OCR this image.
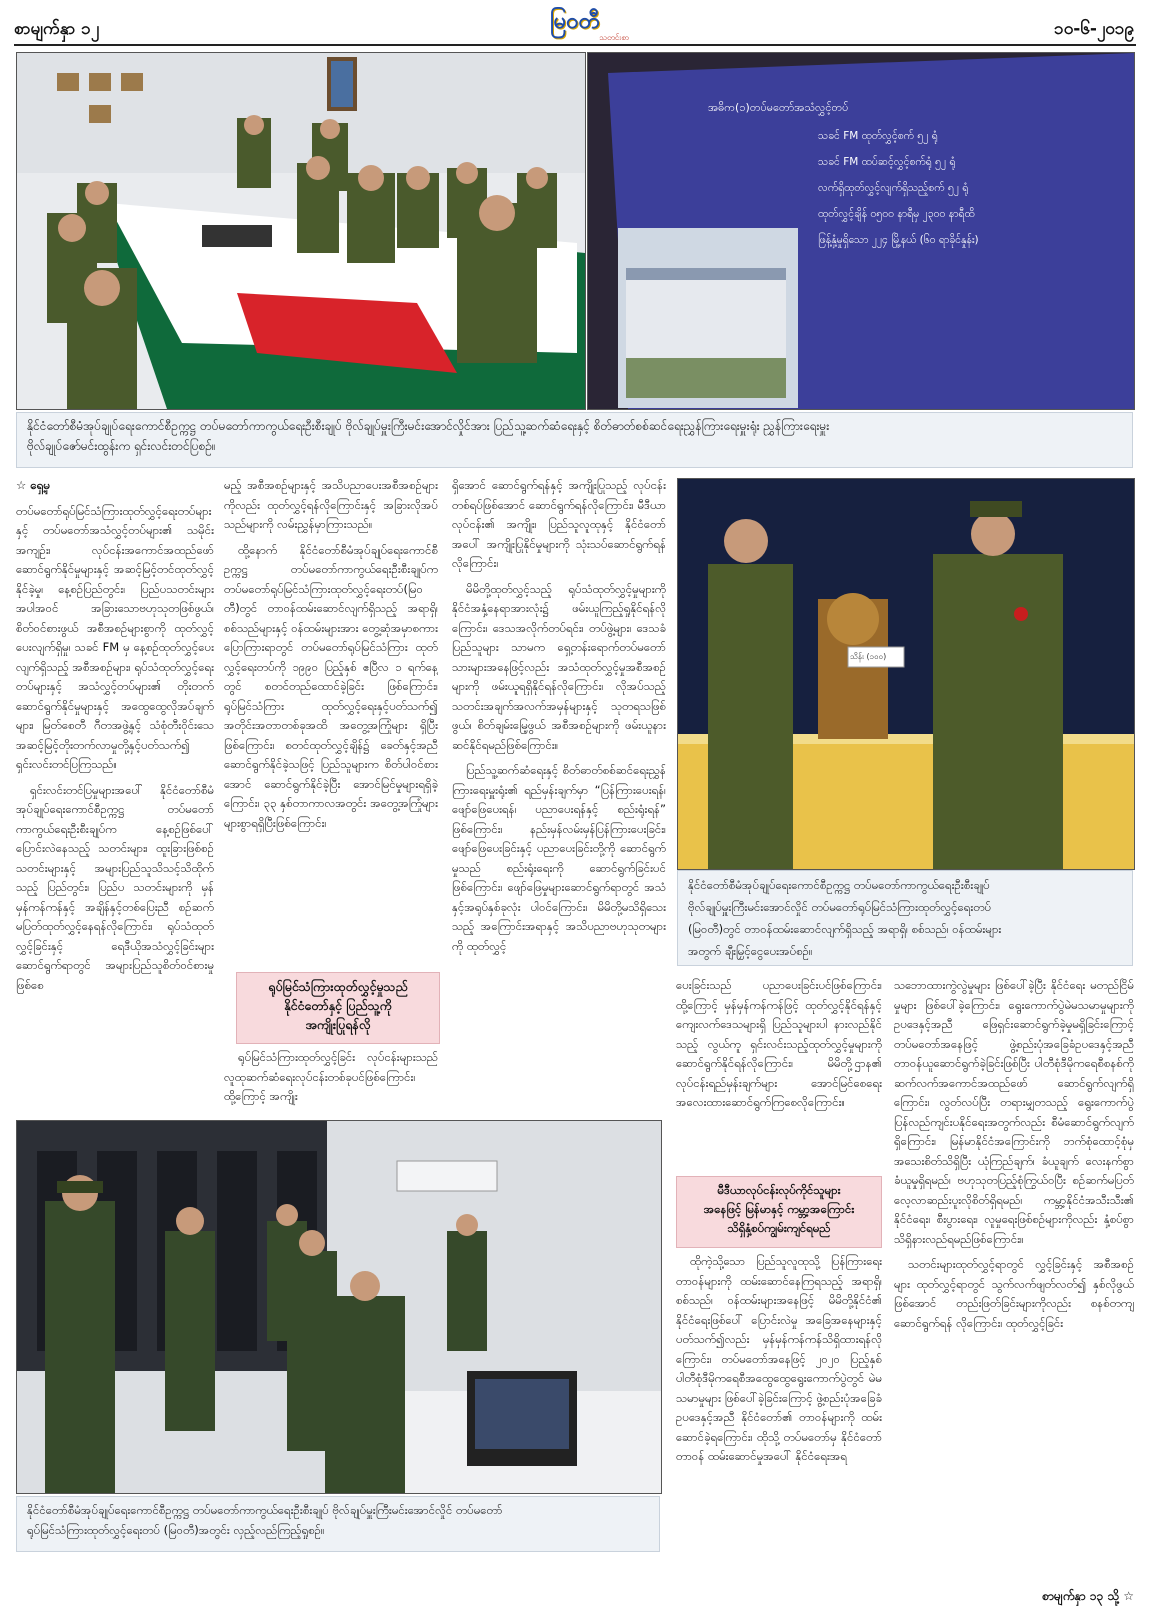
စာမျက်နှာ ၁၂	မြဝတီ
သတင်းစာ	၁၀-၆-၂၀၁၉
အဓိက(၁)တပ်မတော်အသံလွှင့်တပ်
သခင် FM ထုတ်လွှင့်စက် ၅၂ ရုံ
သခင် FM ထပ်ဆင့်လွှင့်စက်ရုံ ၅၂ ရုံ
လက်ရှိထုတ်လွှင့်လျက်ရှိသည့်စက် ၅၂ ရုံ
ထုတ်လွှင့်ချိန် ၀၅၀၀ နာရီမှ ၂၃၀၀ နာရီထိ
ဖြန့်နှံ့မှုရှိသော ၂၂၄ မြို့နယ် (၆၀ ရာခိုင်နှုန်း)
နိုင်ငံတော်စီမံအုပ်ချုပ်ရေးကောင်စီဥက္ကဋ္ဌ တပ်မတော်ကာကွယ်ရေးဦးစီးချုပ် ဗိုလ်ချုပ်မှူးကြီးမင်းအောင်လှိုင်အား ပြည်သူ့ဆက်ဆံရေးနှင့် စိတ်ဓာတ်စစ်ဆင်ရေးညွှန်ကြားရေးမှူးရုံး ညွှန်ကြားရေးမှူး
ဗိုလ်ချုပ်ဇော်မင်းထွန်းက ရှင်းလင်းတင်ပြစဉ်။
သိန်း (၁၀၀)
နိုင်ငံတော်စီမံအုပ်ချုပ်ရေးကောင်စီဥက္ကဋ္ဌ တပ်မတော်ကာကွယ်ရေးဦးစီးချုပ်
ဗိုလ်ချုပ်မှူးကြီးမင်းအောင်လှိုင် တပ်မတော်ရုပ်မြင်သံကြားထုတ်လွှင့်ရေးတပ်
(မြဝတီ)တွင် တာဝန်ထမ်းဆောင်လျက်ရှိသည့် အရာရှိ၊ စစ်သည်၊ ဝန်ထမ်းများ
အတွက် ချီးမြှင့်ငွေပေးအပ်စဉ်။

☆ ရှေ့မှ

တပ်မတော်ရုပ်မြင်သံကြားထုတ်လွှင့်ရေးတပ်များနှင့် တပ်မတော်အသံလွှင့်တပ်များ၏ သမိုင်းအကျဉ်း၊ လုပ်ငန်းအကောင်အထည်ဖော် ဆောင်ရွက်နိုင်မှုများနှင့် အဆင့်မြင့်တင်ထုတ်လွှင့်နိုင်ခဲ့မှု၊ နေ့စဉ်ပြည်တွင်း၊ ပြည်ပသတင်းများ အပါအဝင် အခြားသောဗဟုသုတဖြစ်ဖွယ်၊ စိတ်ဝင်စားဖွယ် အစီအစဉ်များစွာကို ထုတ်လွှင့်ပေးလျက်ရှိမှု၊ သခင် FM မှ နေ့စဉ်ထုတ်လွှင့်ပေးလျက်ရှိသည့် အစီအစဉ်များ၊ ရုပ်သံထုတ်လွှင့်ရေးတပ်များနှင့် အသံလွှင့်တပ်များ၏ တိုးတက်ဆောင်ရွက်နိုင်မှုများနှင့် အထွေထွေလိုအပ်ချက်များ၊ မြတ်စေတီ ဂီတအဖွဲ့နှင့် သံစုံတီးဝိုင်းသေ အဆင့်မြင့်တိုးတက်လာမှုတို့နှင့်ပတ်သက်၍ ရှင်းလင်းတင်ပြကြသည်။

ရှင်းလင်းတင်ပြမှုများအပေါ် နိုင်ငံတော်စီမံအုပ်ချုပ်ရေးကောင်စီဥက္ကဋ္ဌ တပ်မတော်ကာကွယ်ရေးဦးစီးချုပ်က နေ့စဉ်ဖြစ်ပေါ်ပြောင်းလဲနေသည့် သတင်းများ၊ ထူးခြားဖြစ်စဉ် သတင်းများနှင့် အများပြည်သူသိသင့်သိထိုက်သည့် ပြည်တွင်း၊ ပြည်ပ သတင်းများကို မှန်မှန်ကန်ကန်နှင့် အချိန်နှင့်တစ်ပြေးညီ စဉ်ဆက်မပြတ်ထုတ်လွှင့်နေရန်လိုကြောင်း၊ ရုပ်သံထုတ်လွှင့်ခြင်းနှင့် ရေဒီယိုအသံလွှင့်ခြင်းများဆောင်ရွက်ရာတွင် အများပြည်သူစိတ်ဝင်စားမှုဖြစ်စေ

မည့် အစီအစဉ်များနှင့် အသိပညာပေးအစီအစဉ်များကိုလည်း ထုတ်လွှင့်ရန်လိုကြောင်းနှင့် အခြားလိုအပ်သည်များကို လမ်းညွှန်မှာကြားသည်။

ထို့နောက် နိုင်ငံတော်စီမံအုပ်ချုပ်ရေးကောင်စီဥက္ကဋ္ဌ တပ်မတော်ကာကွယ်ရေးဦးစီးချုပ်က တပ်မတော်ရုပ်မြင်သံကြားထုတ်လွှင့်ရေးတပ်(မြဝတီ)တွင် တာဝန်ထမ်းဆောင်လျက်ရှိသည့် အရာရှိ၊ စစ်သည်များနှင့် ဝန်ထမ်းများအား တွေ့ဆုံအမှာစကား ပြောကြားရာတွင် တပ်မတော်ရုပ်မြင်သံကြား ထုတ်လွှင့်ရေးတပ်ကို ၁၉၉၀ ပြည့်နှစ် ဧပြီလ ၁ ရက်နေ့တွင် စတင်တည်ထောင်ခဲ့ခြင်း ဖြစ်ကြောင်း၊ ရုပ်မြင်သံကြား ထုတ်လွှင့်ရေးနှင့်ပတ်သက်၍ အတိုင်းအတာတစ်ခုအထိ အတွေ့အကြုံများ ရှိပြီးဖြစ်ကြောင်း၊ စတင်ထုတ်လွှင့်ချိန်၌ ခေတ်နှင့်အညီဆောင်ရွက်နိုင်ခဲ့သဖြင့် ပြည်သူများက စိတ်ပါဝင်စားအောင် ဆောင်ရွက်နိုင်ခဲ့ပြီး အောင်မြင်မှုများရရှိခဲ့ကြောင်း၊ ၃၃ နှစ်တာကာလအတွင်း အတွေ့အကြုံများ များစွာရရှိပြီးဖြစ်ကြောင်း၊

ရုပ်မြင်သံကြားထုတ်လွှင့်မှုသည်
နိုင်ငံတော်နှင့် ပြည်သူ့ကို
အကျိုးပြုရန်လို

ရုပ်မြင်သံကြားထုတ်လွှင့်ခြင်း လုပ်ငန်းများသည် လူထုဆက်ဆံရေးလုပ်ငန်းတစ်ခုပင်ဖြစ်ကြောင်း၊ ထို့ကြောင့် အကျိုး

ရှိအောင် ဆောင်ရွက်ရန်နှင့် အကျိုးပြုသည့် လုပ်ငန်းတစ်ရပ်ဖြစ်အောင် ဆောင်ရွက်ရန်လိုကြောင်း၊ မီဒီယာလုပ်ငန်း၏ အကျိုး၊ ပြည်သူလူထုနှင့် နိုင်ငံတော်အပေါ် အကျိုးပြုနိုင်မှုများကို သုံးသပ်ဆောင်ရွက်ရန် လိုကြောင်း၊

မိမိတို့ထုတ်လွှင့်သည့် ရုပ်သံထုတ်လွှင့်မှုများကို နိုင်ငံအနှံ့နေရာအားလုံး၌ ဖမ်းယူကြည့်ရှုနိုင်ရန်လိုကြောင်း၊ ဒေသအလိုက်တပ်ရင်း၊ တပ်ဖွဲ့များ၊ ဒေသခံပြည်သူများ သာမက ရှေ့တန်းရောက်တပ်မတော်သားများအနေဖြင့်လည်း အသံထုတ်လွှင့်မှုအစီအစဉ်များကို ဖမ်းယူရရှိနိုင်ရန်လိုကြောင်း၊ လိုအပ်သည့် သတင်းအချက်အလက်အမှန်များနှင့် သုတရသဖြစ်ဖွယ်၊ စိတ်ချမ်းမြေ့ဖွယ် အစီအစဉ်များကို ဖမ်းယူနားဆင်နိုင်ရမည်ဖြစ်ကြောင်း။

ပြည်သူ့ဆက်ဆံရေးနှင့် စိတ်ဓာတ်စစ်ဆင်ရေးညွှန်ကြားရေးမှူးရုံး၏ ရည်မှန်းချက်မှာ “ပြန်ကြားပေးရန်၊ ဖျော်ဖြေပေးရန်၊ ပညာပေးရန်နှင့် စည်းရုံးရန်” ဖြစ်ကြောင်း၊ နည်းမှန်လမ်းမှန်ပြန်ကြားပေးခြင်း၊ ဖျော်ဖြေပေးခြင်းနှင့် ပညာပေးခြင်းတို့ကို ဆောင်ရွက်မှုသည် စည်းရုံးရေးကို ဆောင်ရွက်ခြင်းပင်ဖြစ်ကြောင်း၊ ဖျော်ဖြေမှုများဆောင်ရွက်ရာတွင် အသံနှင့်အရုပ်နှစ်ခုလုံး ပါဝင်ကြောင်း၊ မိမိတို့မသိရှိသေးသည့် အကြောင်းအရာနှင့် အသိပညာဗဟုသုတများကို ထုတ်လွှင့်

နိုင်ငံတော်စီမံအုပ်ချုပ်ရေးကောင်စီဥက္ကဋ္ဌ တပ်မတော်ကာကွယ်ရေးဦးစီးချုပ် ဗိုလ်ချုပ်မှူးကြီးမင်းအောင်လှိုင် တပ်မတော်
ရုပ်မြင်သံကြားထုတ်လွှင့်ရေးတပ် (မြဝတီ)အတွင်း လှည့်လည်ကြည့်ရှုစဉ်။

ပေးခြင်းသည် ပညာပေးခြင်းပင်ဖြစ်ကြောင်း၊ ထို့ကြောင့် မှန်မှန်ကန်ကန်ဖြင့် ထုတ်လွှင့်နိုင်ရန်နှင့် ကျေးလက်ဒေသများရှိ ပြည်သူများပါ နားလည်နိုင်သည့် လွယ်ကူ ရှင်းလင်းသည့်ထုတ်လွှင့်မှုများကို ဆောင်ရွက်နိုင်ရန်လိုကြောင်း၊ မိမိတို့ဌာန၏ လုပ်ငန်းရည်မှန်းချက်များ အောင်မြင်စေရေး အလေးထားဆောင်ရွက်ကြစေလိုကြောင်း။

မီဒီယာလုပ်ငန်းလုပ်ကိုင်သူများ
အနေဖြင့် မြန်မာနှင့် ကမ္ဘာ့အကြောင်း
သိရှိနှံ့စပ်ကျွမ်းကျင်ရမည်

ထိုကဲ့သို့သော ပြည်သူလူထုသို့ ပြန်ကြားရေးတာဝန်များကို ထမ်းဆောင်နေကြရသည့် အရာရှိ၊ စစ်သည်၊ ဝန်ထမ်းများအနေဖြင့် မိမိတို့နိုင်ငံ၏ နိုင်ငံရေးဖြစ်ပေါ် ပြောင်းလဲမှု အခြေအနေများနှင့် ပတ်သက်၍လည်း မှန်မှန်ကန်ကန်သိရှိထားရန်လိုကြောင်း၊ တပ်မတော်အနေဖြင့် ၂၀၂၀ ပြည့်နှစ် ပါတီစုံဒီမိုကရေစီအထွေထွေရွေးကောက်ပွဲတွင် မဲမသမာမှုများ ဖြစ်ပေါ်ခဲ့ခြင်းကြောင့် ဖွဲ့စည်းပုံအခြေခံဥပဒေနှင့်အညီ နိုင်ငံတော်၏ တာဝန်များကို ထမ်းဆောင်ခဲ့ရကြောင်း၊ ထိုသို့ တပ်မတော်မှ နိုင်ငံတော်တာဝန် ထမ်းဆောင်မှုအပေါ် နိုင်ငံရေးအရ

သဘောထားကွဲလွဲမှုများ ဖြစ်ပေါ်ခဲ့ပြီး နိုင်ငံရေး မတည်ငြိမ်မှုများ ဖြစ်ပေါ်ခဲ့ကြောင်း၊ ရွေးကောက်ပွဲမဲမသမာမှုများကို ဥပဒေနှင့်အညီ ဖြေရှင်းဆောင်ရွက်ခဲ့မှုမရှိခြင်းကြောင့် တပ်မတော်အနေဖြင့် ဖွဲ့စည်းပုံအခြေခံဥပဒေနှင့်အညီ တာဝန်ယူဆောင်ရွက်ခဲ့ခြင်းဖြစ်ပြီး ပါတီစုံဒီမိုကရေစီစနစ်ကို ဆက်လက်အကောင်အထည်ဖော် ဆောင်ရွက်လျက်ရှိကြောင်း၊ လွတ်လပ်ပြီး တရားမျှတသည့် ရွေးကောက်ပွဲ ပြန်လည်ကျင်းပနိုင်ရေးအတွက်လည်း စီမံဆောင်ရွက်လျက်ရှိကြောင်း၊ မြန်မာနိုင်ငံအကြောင်းကို ဘက်စုံထောင့်စုံမှ အသေးစိတ်သိရှိပြီး ယုံကြည်ချက်၊ ခံယူချက် လေးနက်စွာခံယူမှုရှိရမည်၊ ဗဟုသုတပြည့်စုံကြွယ်ဝပြီး စဉ်ဆက်မပြတ် လေ့လာဆည်းပူးလိုစိတ်ရှိရမည်၊ ကမ္ဘာ့နိုင်ငံအသီးသီး၏ နိုင်ငံရေး၊ စီးပွားရေး၊ လူမှုရေးဖြစ်စဉ်များကိုလည်း နှံ့စပ်စွာ သိရှိနားလည်ရမည်ဖြစ်ကြောင်း။

သတင်းများထုတ်လွှင့်ရာတွင် လွှင့်ခြင်းနှင့် အစီအစဉ်များ ထုတ်လွှင့်ရာတွင် သွက်လက်ဖျတ်လတ်၍ နှစ်လိုဖွယ်ဖြစ်အောင် တည်းဖြတ်ခြင်းများကိုလည်း စနစ်တကျ ဆောင်ရွက်ရန် လိုကြောင်း၊ ထုတ်လွှင့်ခြင်း

စာမျက်နှာ ၁၃ သို့ ☆
